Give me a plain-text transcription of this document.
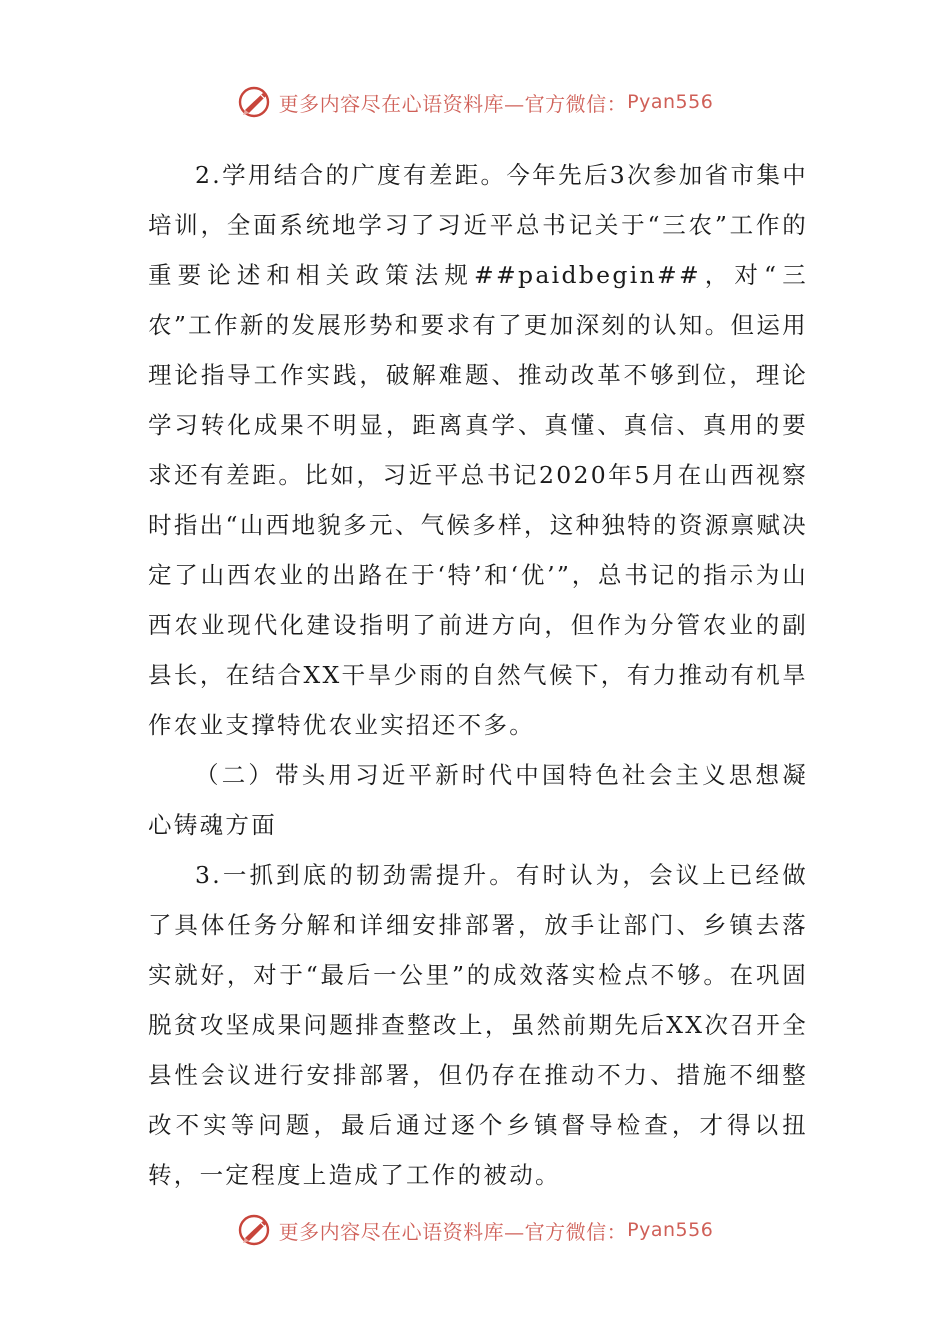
更多内容尽在心语资料库—官方微信： Pyan556

2.学用结合的广度有差距。今年先后3次参加省市集中培训，全面系统地学习了习近平总书记关于“三农”工作的重要论述和相关政策法规##paidbegin##，对“三农”工作新的发展形势和要求有了更加深刻的认知。但运用理论指导工作实践，破解难题、推动改革不够到位，理论学习转化成果不明显，距离真学、真懂、真信、真用的要求还有差距。比如，习近平总书记2020年5月在山西视察时指出“山西地貌多元、气候多样，这种独特的资源禀赋决定了山西农业的出路在于‘特’和‘优’”，总书记的指示为山西农业现代化建设指明了前进方向，但作为分管农业的副县长，在结合XX干旱少雨的自然气候下，有力推动有机旱作农业支撑特优农业实招还不多。

（二）带头用习近平新时代中国特色社会主义思想凝心铸魂方面

3.一抓到底的韧劲需提升。有时认为，会议上已经做了具体任务分解和详细安排部署，放手让部门、乡镇去落实就好，对于“最后一公里”的成效落实检点不够。在巩固脱贫攻坚成果问题排查整改上，虽然前期先后XX次召开全县性会议进行安排部署，但仍存在推动不力、措施不细整改不实等问题，最后通过逐个乡镇督导检查，才得以扭转，一定程度上造成了工作的被动。

更多内容尽在心语资料库—官方微信： Pyan556
